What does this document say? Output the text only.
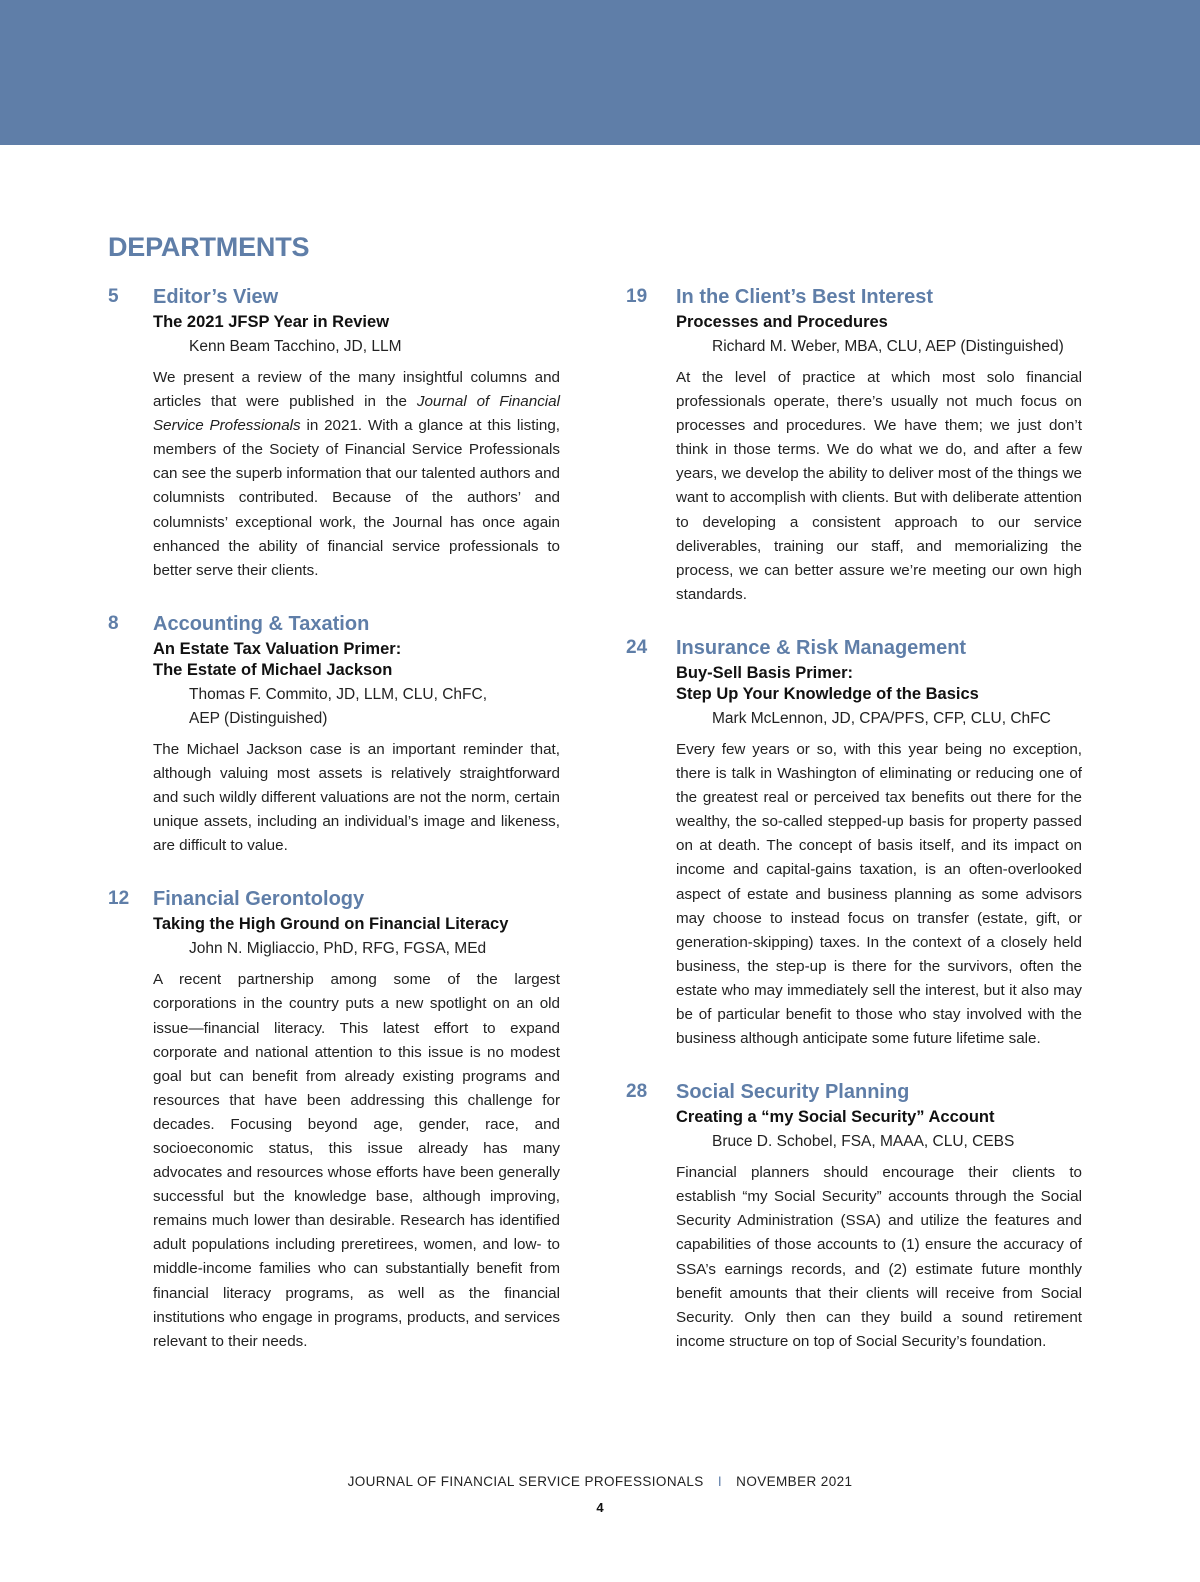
DEPARTMENTS
5 Editor’s View
The 2021 JFSP Year in Review
Kenn Beam Tacchino, JD, LLM

We present a review of the many insightful columns and articles that were published in the Journal of Financial Service Professionals in 2021. With a glance at this listing, members of the Society of Financial Service Professionals can see the superb information that our talented authors and columnists contributed. Because of the authors’ and columnists’ exceptional work, the Journal has once again enhanced the ability of financial service professionals to better serve their clients.

8 Accounting & Taxation
An Estate Tax Valuation Primer:
The Estate of Michael Jackson
Thomas F. Commito, JD, LLM, CLU, ChFC,
AEP (Distinguished)

The Michael Jackson case is an important reminder that, although valuing most assets is relatively straightforward and such wildly different valuations are not the norm, certain unique assets, including an individual’s image and likeness, are difficult to value.

12 Financial Gerontology
Taking the High Ground on Financial Literacy
John N. Migliaccio, PhD, RFG, FGSA, MEd

A recent partnership among some of the largest corporations in the country puts a new spotlight on an old issue—financial literacy. This latest effort to expand corporate and national attention to this issue is no modest goal but can benefit from already existing programs and resources that have been addressing this challenge for decades. Focusing beyond age, gender, race, and socioeconomic status, this issue already has many advocates and resources whose efforts have been generally successful but the knowledge base, although improving, remains much lower than desirable. Research has identified adult populations including preretirees, women, and low- to middle-income families who can substantially benefit from financial literacy programs, as well as the financial institutions who engage in programs, products, and services relevant to their needs.

19 In the Client’s Best Interest
Processes and Procedures
Richard M. Weber, MBA, CLU, AEP (Distinguished)

At the level of practice at which most solo financial professionals operate, there’s usually not much focus on processes and procedures. We have them; we just don’t think in those terms. We do what we do, and after a few years, we develop the ability to deliver most of the things we want to accomplish with clients. But with deliberate attention to developing a consistent approach to our service deliverables, training our staff, and memorializing the process, we can better assure we’re meeting our own high standards.

24 Insurance & Risk Management
Buy-Sell Basis Primer:
Step Up Your Knowledge of the Basics
Mark McLennon, JD, CPA/PFS, CFP, CLU, ChFC

Every few years or so, with this year being no exception, there is talk in Washington of eliminating or reducing one of the greatest real or perceived tax benefits out there for the wealthy, the so-called stepped-up basis for property passed on at death. The concept of basis itself, and its impact on income and capital-gains taxation, is an often-overlooked aspect of estate and business planning as some advisors may choose to instead focus on transfer (estate, gift, or generation-skipping) taxes. In the context of a closely held business, the step-up is there for the survivors, often the estate who may immediately sell the interest, but it also may be of particular benefit to those who stay involved with the business although anticipate some future lifetime sale.

28 Social Security Planning
Creating a “my Social Security” Account
Bruce D. Schobel, FSA, MAAA, CLU, CEBS

Financial planners should encourage their clients to establish “my Social Security” accounts through the Social Security Administration (SSA) and utilize the features and capabilities of those accounts to (1) ensure the accuracy of SSA’s earnings records, and (2) estimate future monthly benefit amounts that their clients will receive from Social Security. Only then can they build a sound retirement income structure on top of Social Security’s foundation.

JOURNAL OF FINANCIAL SERVICE PROFESSIONALS I NOVEMBER 2021
4
